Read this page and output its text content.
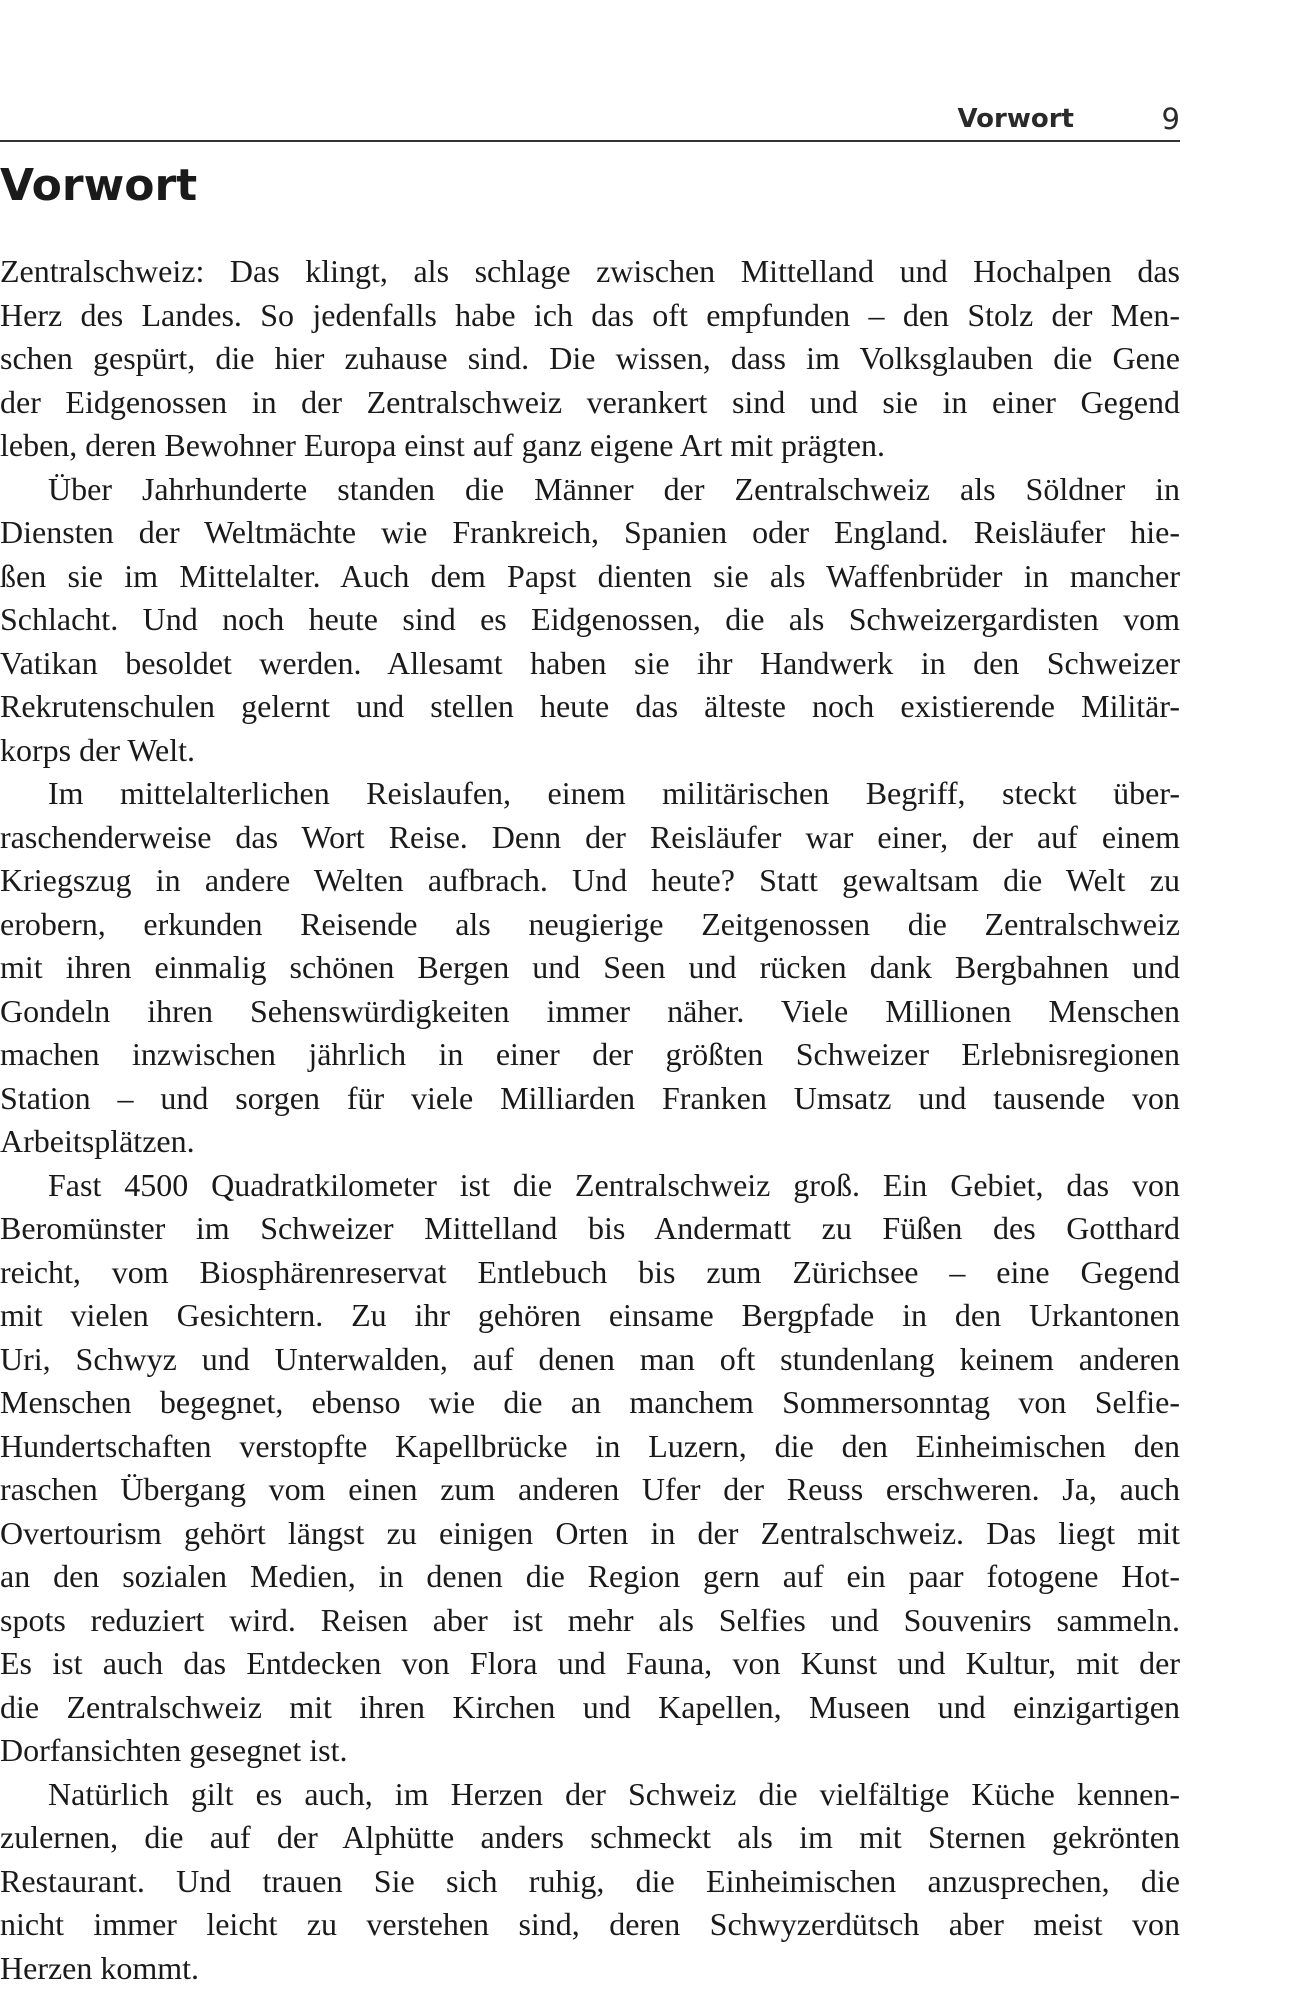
Vorwort	9
Vorwort
Zentralschweiz: Das klingt, als schlage zwischen Mittelland und Hochalpen das
Herz des Landes. So jedenfalls habe ich das oft empfunden – den Stolz der Men-
schen gespürt, die hier zuhause sind. Die wissen, dass im Volksglauben die Gene
der Eidgenossen in der Zentralschweiz verankert sind und sie in einer Gegend
leben, deren Bewohner Europa einst auf ganz eigene Art mit prägten.
Über Jahrhunderte standen die Männer der Zentralschweiz als Söldner in
Diensten der Weltmächte wie Frankreich, Spanien oder England. Reisläufer hie-
ßen sie im Mittelalter. Auch dem Papst dienten sie als Waffenbrüder in mancher
Schlacht. Und noch heute sind es Eidgenossen, die als Schweizergardisten vom
Vatikan besoldet werden. Allesamt haben sie ihr Handwerk in den Schweizer
Rekrutenschulen gelernt und stellen heute das älteste noch existierende Militär-
korps der Welt.
Im mittelalterlichen Reislaufen, einem militärischen Begriff, steckt über-
raschenderweise das Wort Reise. Denn der Reisläufer war einer, der auf einem
Kriegszug in andere Welten aufbrach. Und heute? Statt gewaltsam die Welt zu
erobern, erkunden Reisende als neugierige Zeitgenossen die Zentralschweiz
mit ihren einmalig schönen Bergen und Seen und rücken dank Bergbahnen und
Gondeln ihren Sehenswürdigkeiten immer näher. Viele Millionen Menschen
machen inzwischen jährlich in einer der größten Schweizer Erlebnisregionen
Station – und sorgen für viele Milliarden Franken Umsatz und tausende von
Arbeitsplätzen.
Fast 4500 Quadratkilometer ist die Zentralschweiz groß. Ein Gebiet, das von
Beromünster im Schweizer Mittelland bis Andermatt zu Füßen des Gotthard
reicht, vom Biosphärenreservat Entlebuch bis zum Zürichsee – eine Gegend
mit vielen Gesichtern. Zu ihr gehören einsame Bergpfade in den Urkantonen
Uri, Schwyz und Unterwalden, auf denen man oft stundenlang keinem anderen
Menschen begegnet, ebenso wie die an manchem Sommersonntag von Selfie-
Hundertschaften verstopfte Kapellbrücke in Luzern, die den Einheimischen den
raschen Übergang vom einen zum anderen Ufer der Reuss erschweren. Ja, auch
Overtourism gehört längst zu einigen Orten in der Zentralschweiz. Das liegt mit
an den sozialen Medien, in denen die Region gern auf ein paar fotogene Hot-
spots reduziert wird. Reisen aber ist mehr als Selfies und Souvenirs sammeln.
Es ist auch das Entdecken von Flora und Fauna, von Kunst und Kultur, mit der
die Zentralschweiz mit ihren Kirchen und Kapellen, Museen und einzigartigen
Dorfansichten gesegnet ist.
Natürlich gilt es auch, im Herzen der Schweiz die vielfältige Küche kennen-
zulernen, die auf der Alphütte anders schmeckt als im mit Sternen gekrönten
Restaurant. Und trauen Sie sich ruhig, die Einheimischen anzusprechen, die
nicht immer leicht zu verstehen sind, deren Schwyzerdütsch aber meist von
Herzen kommt.
